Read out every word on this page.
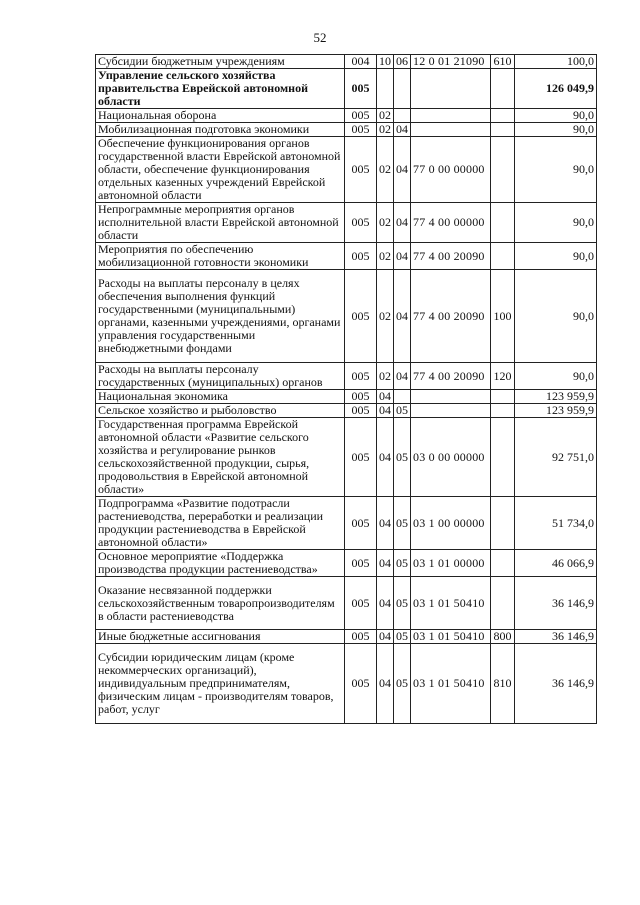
52
Субсидии бюджетным учреждениям	004	10	06	12 0 01 21090	610	100,0
Управление сельского хозяйства правительства Еврейской автономной области	005					126 049,9
Национальная оборона	005	02				90,0
Мобилизационная подготовка экономики	005	02	04			90,0
Обеспечение функционирования органов государственной власти Еврейской автономной области, обеспечение функционирования отдельных казенных учреждений Еврейской автономной области	005	02	04	77 0 00 00000		90,0
Непрограммные мероприятия органов исполнительной власти Еврейской автономной области	005	02	04	77 4 00 00000		90,0
Мероприятия по обеспечению мобилизационной готовности экономики	005	02	04	77 4 00 20090		90,0
Расходы на выплаты персоналу в целях обеспечения выполнения функций государственными (муниципальными) органами, казенными учреждениями, органами управления государственными внебюджетными фондами	005	02	04	77 4 00 20090	100	90,0
Расходы на выплаты персоналу государственных (муниципальных) органов	005	02	04	77 4 00 20090	120	90,0
Национальная экономика	005	04				123 959,9
Сельское хозяйство и рыболовство	005	04	05			123 959,9
Государственная программа Еврейской автономной области «Развитие сельского хозяйства и регулирование рынков сельскохозяйственной продукции, сырья, продовольствия в Еврейской автономной области»	005	04	05	03 0 00 00000		92 751,0
Подпрограмма «Развитие подотрасли растениеводства, переработки и реализации продукции растениеводства в Еврейской автономной области»	005	04	05	03 1 00 00000		51 734,0
Основное мероприятие «Поддержка производства продукции растениеводства»	005	04	05	03 1 01 00000		46 066,9
Оказание несвязанной поддержки сельскохозяйственным товаропроизводителям в области растениеводства	005	04	05	03 1 01 50410		36 146,9
Иные бюджетные ассигнования	005	04	05	03 1 01 50410	800	36 146,9
Субсидии юридическим лицам (кроме некоммерческих организаций), индивидуальным предпринимателям, физическим лицам - производителям товаров, работ, услуг	005	04	05	03 1 01 50410	810	36 146,9
